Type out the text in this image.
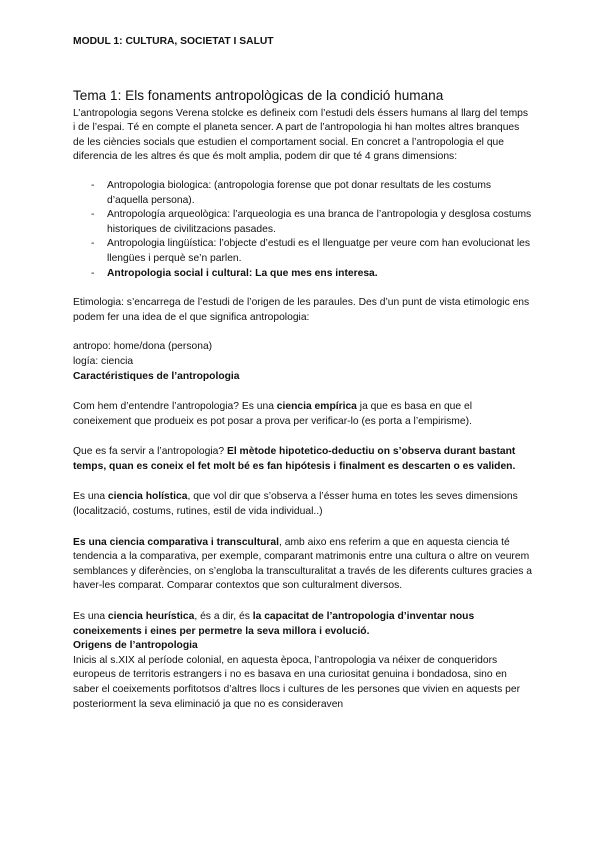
MODUL 1: CULTURA, SOCIETAT I SALUT

Tema 1: Els fonaments antropològicas de la condició humana

L’antropologia segons Verena stolcke es defineix com l’estudi dels éssers humans al llarg del temps i de l’espai. Té en compte el planeta sencer. A part de l’antropologia hi han moltes altres branques de les ciències socials que estudien el comportament social. En concret a l’antropologia el que diferencia de les altres és que és molt amplia, podem dir que té 4 grans dimensions:

- Antropologia biologica: (antropologia forense que pot donar resultats de les costums d’aquella persona).
- Antropología arqueològica: l’arqueologia es una branca de l’antropologia y desglosa costums historiques de civilitzacions pasades.
- Antropologia lingüística: l’objecte d’estudi es el llenguatge per veure com han evolucionat les llengües i perquè se’n parlen.
- Antropologia social i cultural: La que mes ens interesa.

Etimologia: s’encarrega de l’estudi de l’origen de les paraules. Des d’un punt de vista etimologic ens podem fer una idea de el que significa antropologia:

antropo: home/dona (persona)

logía: ciencia

Caractéristiques de l’antropologia

Com hem d’entendre l’antropologia? Es una ciencia empírica ja que es basa en que el coneixement que produeix es pot posar a prova per verificar-lo (es porta a l’empirisme).

Que es fa servir a l’antropologia? El mètode hipotetico-deductiu on s’observa durant bastant temps, quan es coneix el fet molt bé es fan hipótesis i finalment es descarten o es validen.

Es una ciencia holística, que vol dir que s’observa a l’ésser huma en totes les seves dimensions (localització, costums, rutines, estil de vida individual..)

Es una ciencia comparativa i transcultural, amb aixo ens referim a que en aquesta ciencia té tendencia a la comparativa, per exemple, comparant matrimonis entre una cultura o altre on veurem semblances y diferències, on s’engloba la transculturalitat a través de les diferents cultures gracies a haver-les comparat. Comparar contextos que son culturalment diversos.

Es una ciencia heurística, és a dir, és la capacitat de l’antropologia d’inventar nous coneixements i eines per permetre la seva millora i evolució.

Origens de l’antropologia

Inicis al s.XIX al període colonial, en aquesta època, l’antropologia va néixer de conqueridors europeus de territoris estrangers i no es basava en una curiositat genuina i bondadosa, sino en saber el coeixements porfitotsos d’altres llocs i cultures de les persones que vivien en aquests per posteriorment la seva eliminació ja que no es consideraven
